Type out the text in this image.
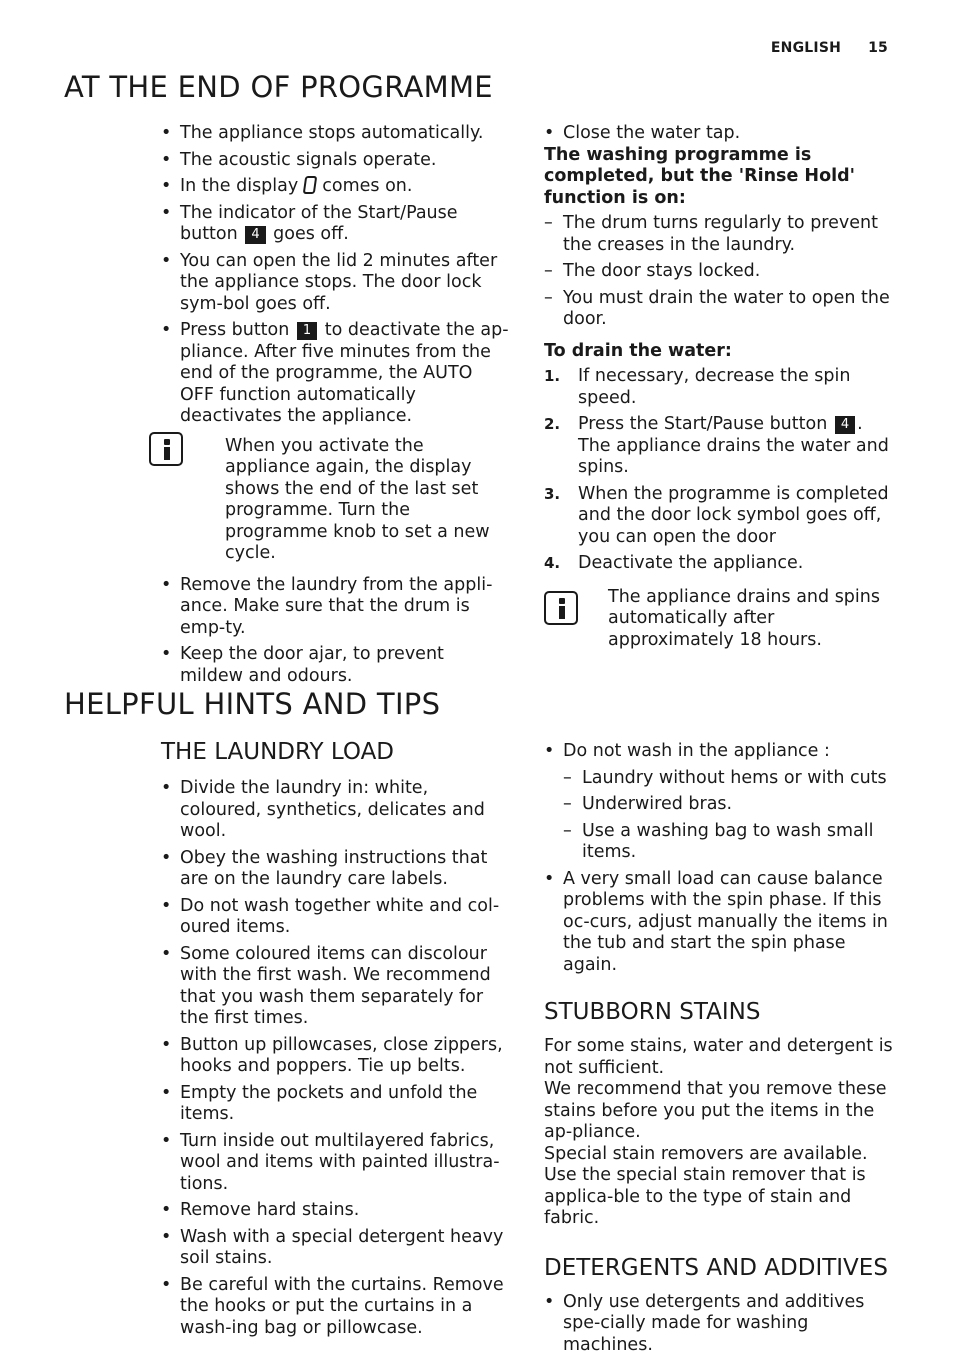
ENGLISH 15
AT THE END OF PROGRAMME
• The appliance stops automatically.
• The acoustic signals operate.
• In the display comes on.
• The indicator of the Start/Pause button 4 goes off.
• You can open the lid 2 minutes after the appliance stops. The door lock sym-bol goes off.
• Press button 1 to deactivate the ap-pliance. After five minutes from the end of the programme, the AUTO OFF function automatically deactivates the appliance.

When you activate the appliance again, the display shows the end of the last set programme. Turn the programme knob to set a new cycle.

• Remove the laundry from the appli-ance. Make sure that the drum is emp-ty.
• Keep the door ajar, to prevent mildew and odours.
• Close the water tap.

The washing programme is completed, but the 'Rinse Hold' function is on:

– The drum turns regularly to prevent the creases in the laundry.
– The door stays locked.
– You must drain the water to open the door.

To drain the water:

1. If necessary, decrease the spin speed.
2. Press the Start/Pause button 4 . The appliance drains the water and spins.
3. When the programme is completed and the door lock symbol goes off, you can open the door
4. Deactivate the appliance.

The appliance drains and spins automatically after approximately 18 hours.

HELPFUL HINTS AND TIPS
THE LAUNDRY LOAD
• Divide the laundry in: white, coloured, synthetics, delicates and wool.
• Obey the washing instructions that are on the laundry care labels.
• Do not wash together white and col-oured items.
• Some coloured items can discolour with the first wash. We recommend that you wash them separately for the first times.
• Button up pillowcases, close zippers, hooks and poppers. Tie up belts.
• Empty the pockets and unfold the items.
• Turn inside out multilayered fabrics, wool and items with painted illustra-tions.
• Remove hard stains.
• Wash with a special detergent heavy soil stains.
• Be careful with the curtains. Remove the hooks or put the curtains in a wash-ing bag or pillowcase.
• Do not wash in the appliance :
– Laundry without hems or with cuts
– Underwired bras.
– Use a washing bag to wash small items.
• A very small load can cause balance problems with the spin phase. If this oc-curs, adjust manually the items in the tub and start the spin phase again.
STUBBORN STAINS

For some stains, water and detergent is not sufficient.

We recommend that you remove these stains before you put the items in the ap-pliance.

Special stain removers are available. Use the special stain remover that is applica-ble to the type of stain and fabric.

DETERGENTS AND ADDITIVES
• Only use detergents and additives spe-cially made for washing machines.
